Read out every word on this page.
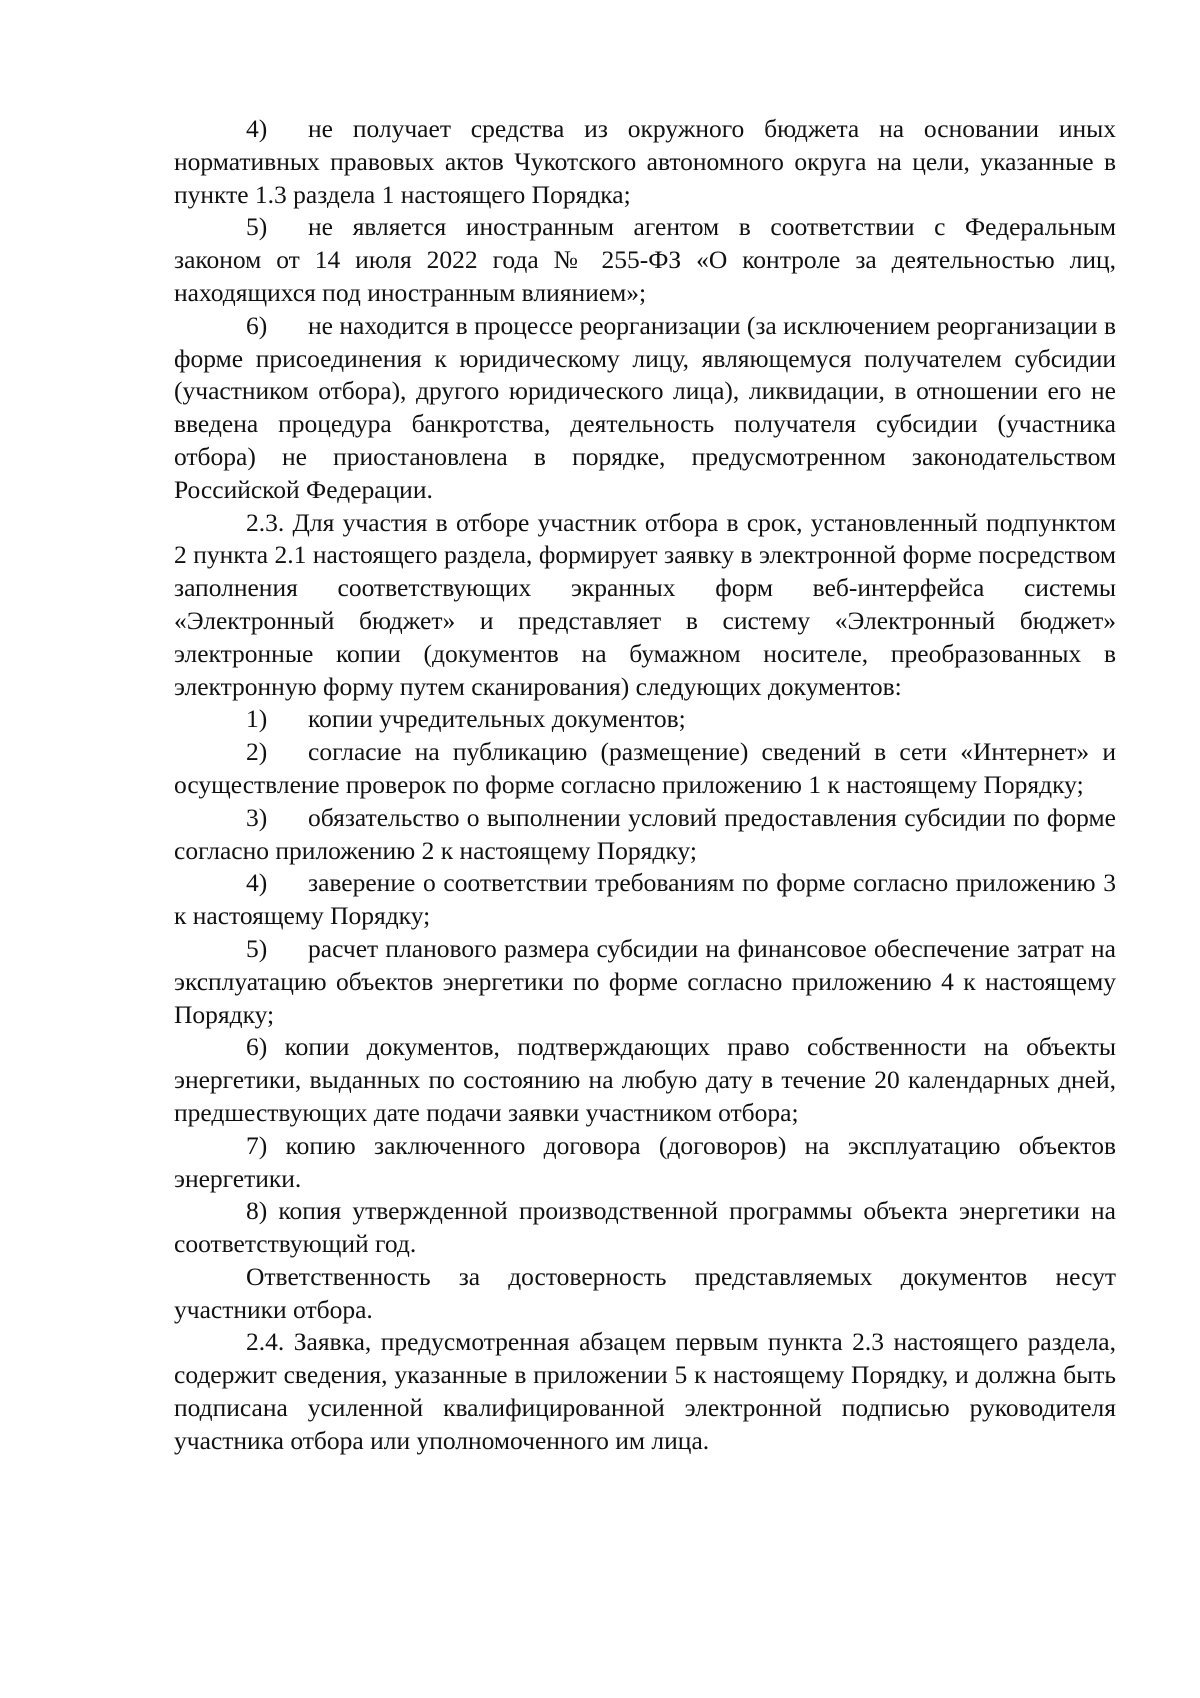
4) не получает средства из окружного бюджета на основании иных нормативных правовых актов Чукотского автономного округа на цели, указанные в пункте 1.3 раздела 1 настоящего Порядка;

5) не является иностранным агентом в соответствии с Федеральным законом от 14 июля 2022 года № 255-ФЗ «О контроле за деятельностью лиц, находящихся под иностранным влиянием»;

6) не находится в процессе реорганизации (за исключением реорганизации в форме присоединения к юридическому лицу, являющемуся получателем субсидии (участником отбора), другого юридического лица), ликвидации, в отношении его не введена процедура банкротства, деятельность получателя субсидии (участника отбора) не приостановлена в порядке, предусмотренном законодательством Российской Федерации.

2.3. Для участия в отборе участник отбора в срок, установленный подпунктом 2 пункта 2.1 настоящего раздела, формирует заявку в электронной форме посредством заполнения соответствующих экранных форм веб-интерфейса системы «Электронный бюджет» и представляет в систему «Электронный бюджет» электронные копии (документов на бумажном носителе, преобразованных в электронную форму путем сканирования) следующих документов:

1) копии учредительных документов;

2) согласие на публикацию (размещение) сведений в сети «Интернет» и осуществление проверок по форме согласно приложению 1 к настоящему Порядку;

3) обязательство о выполнении условий предоставления субсидии по форме согласно приложению 2 к настоящему Порядку;

4) заверение о соответствии требованиям по форме согласно приложению 3 к настоящему Порядку;

5) расчет планового размера субсидии на финансовое обеспечение затрат на эксплуатацию объектов энергетики по форме согласно приложению 4 к настоящему Порядку;

6) копии документов, подтверждающих право собственности на объекты энергетики, выданных по состоянию на любую дату в течение 20 календарных дней, предшествующих дате подачи заявки участником отбора;

7) копию заключенного договора (договоров) на эксплуатацию объектов энергетики.

8) копия утвержденной производственной программы объекта энергетики на соответствующий год.

Ответственность за достоверность представляемых документов несут участники отбора.

2.4. Заявка, предусмотренная абзацем первым пункта 2.3 настоящего раздела, содержит сведения, указанные в приложении 5 к настоящему Порядку, и должна быть подписана усиленной квалифицированной электронной подписью руководителя участника отбора или уполномоченного им лица.
